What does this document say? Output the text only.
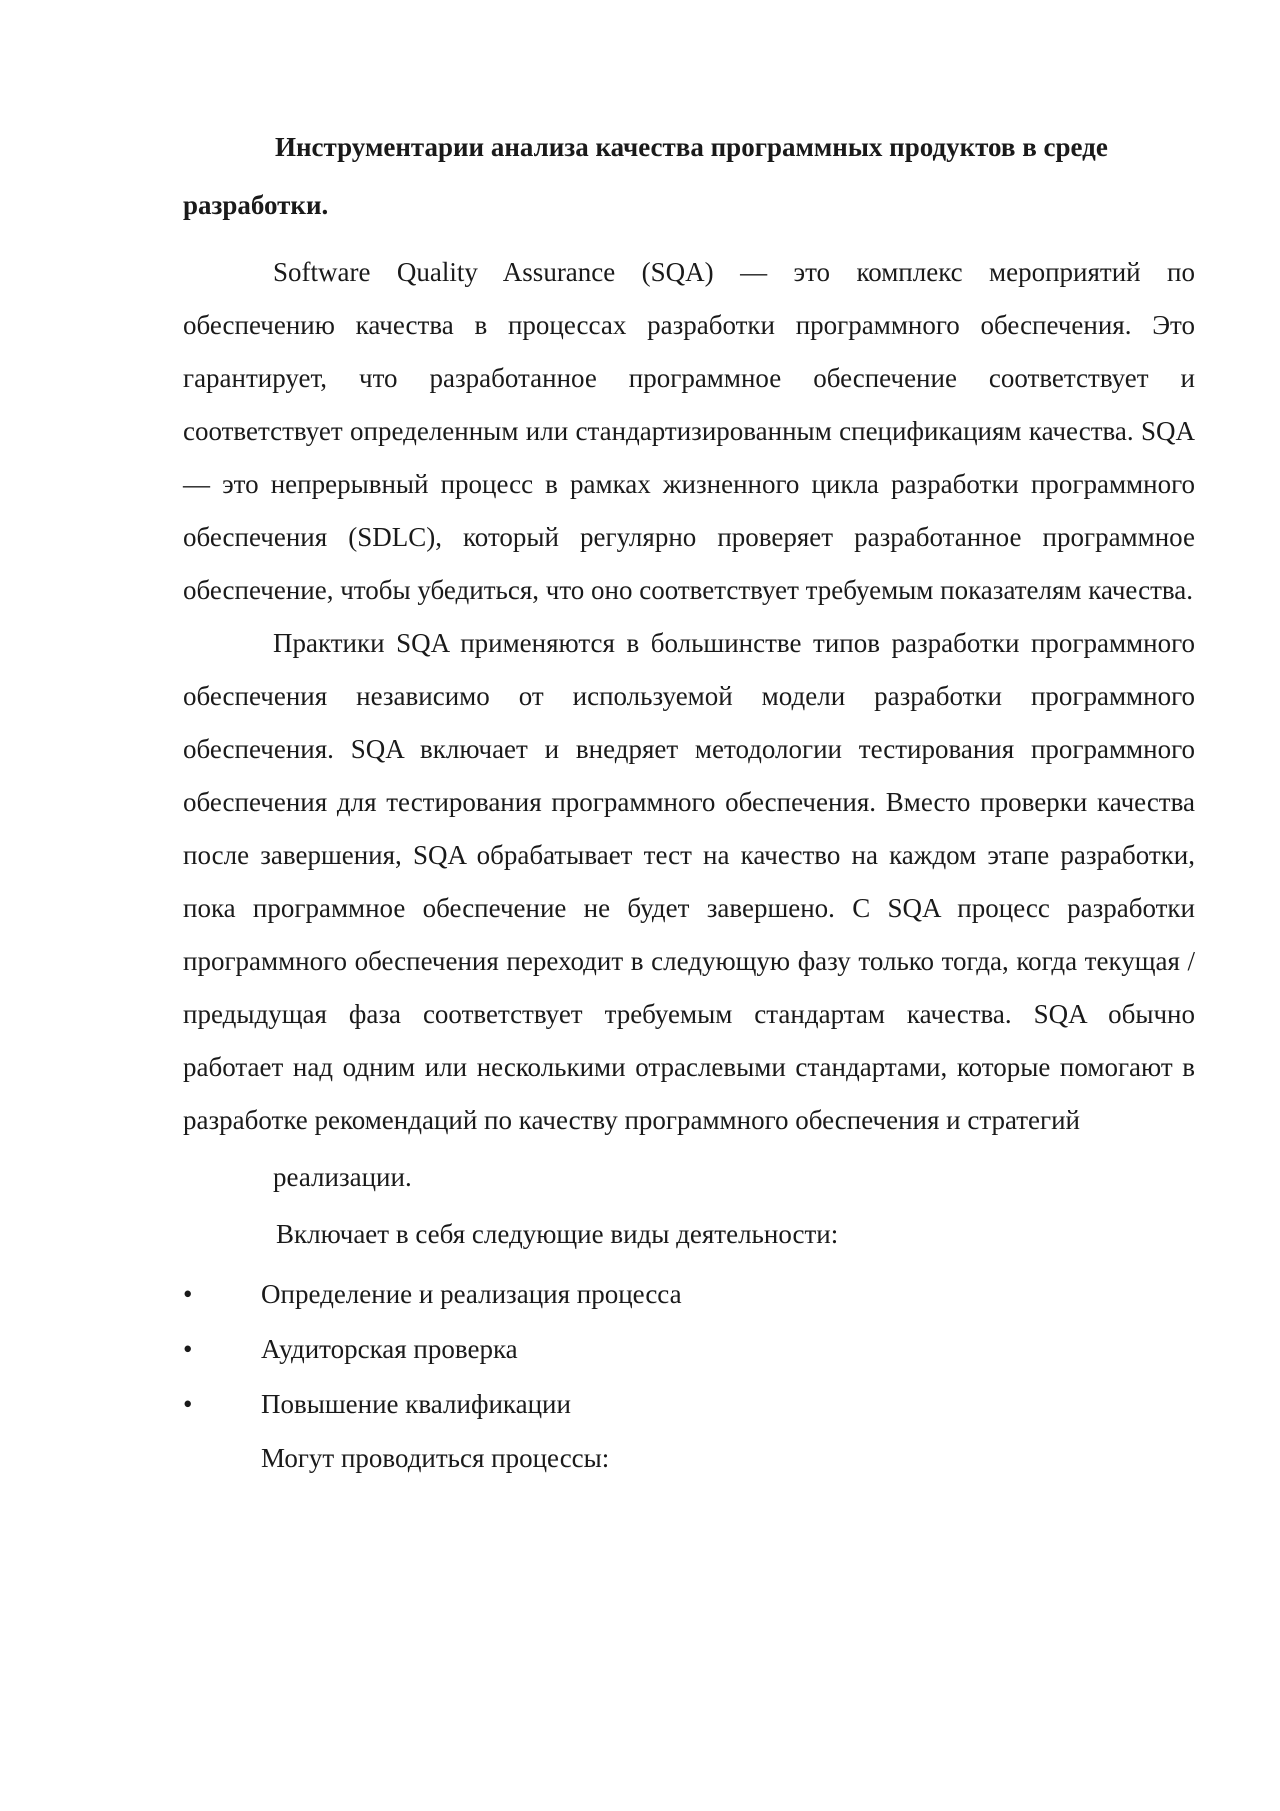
Инструментарии анализа качества программных продуктов в среде разработки.

Software Quality Assurance (SQA) — это комплекс мероприятий по обеспечению качества в процессах разработки программного обеспечения. Это гарантирует, что разработанное программное обеспечение соответствует и соответствует определенным или стандартизированным спецификациям качества. SQA — это непрерывный процесс в рамках жизненного цикла разработки программного обеспечения (SDLC), который регулярно проверяет разработанное программное обеспечение, чтобы убедиться, что оно соответствует требуемым показателям качества.

Практики SQA применяются в большинстве типов разработки программного обеспечения независимо от используемой модели разработки программного обеспечения. SQA включает и внедряет методологии тестирования программного обеспечения для тестирования программного обеспечения. Вместо проверки качества после завершения, SQA обрабатывает тест на качество на каждом этапе разработки, пока программное обеспечение не будет завершено. С SQA процесс разработки программного обеспечения переходит в следующую фазу только тогда, когда текущая / предыдущая фаза соответствует требуемым стандартам качества. SQA обычно работает над одним или несколькими отраслевыми стандартами, которые помогают в разработке рекомендаций по качеству программного обеспечения и стратегий

реализации.

Включает в себя следующие виды деятельности:

•	Определение и реализация процесса
•	Аудиторская проверка
•	Повышение квалификации

Могут проводиться процессы:
